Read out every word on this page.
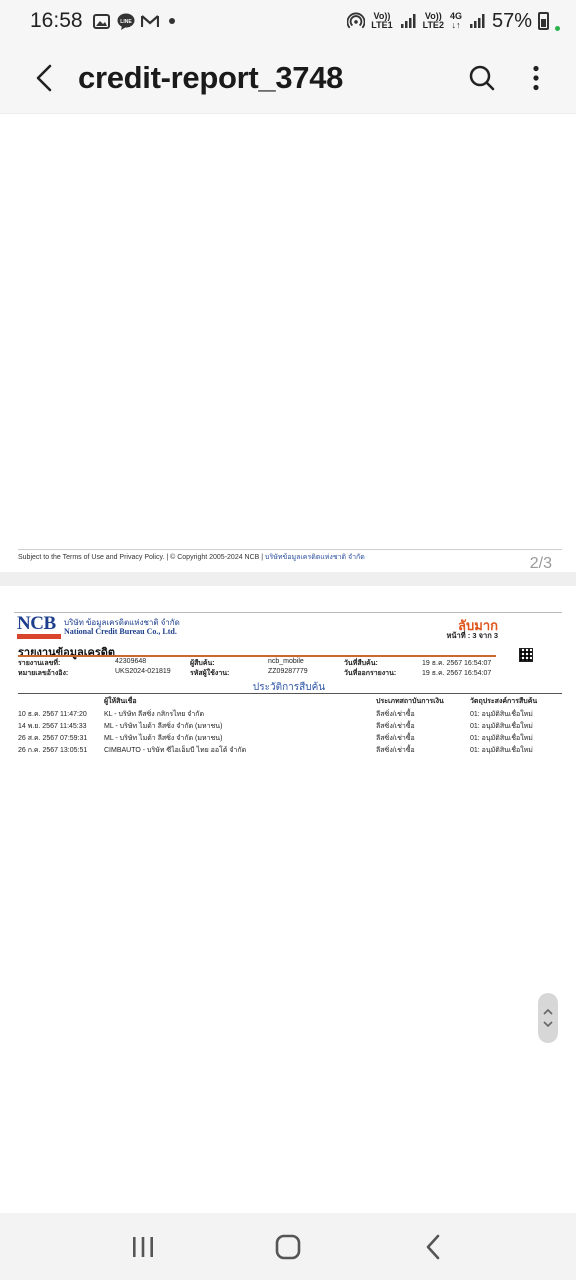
16:58	LINE
Vo))
LTE1
Vo))
LTE2
4G
↓↑ 57%
credit-report_3748
Subject to the Terms of Use and Privacy Policy. | © Copyright 2005-2024 NCB | บริษัทข้อมูลเครดิตแห่งชาติ จำกัด	2/3
NCB	บริษัท ข้อมูลเครดิตแห่งชาติ จำกัด
National Credit Bureau Co., Ltd.	ลับมาก
หน้าที่ : 3 จาก 3
รายงานข้อมูลเครดิต
รายงานเลขที่:	42309648	ผู้สืบค้น:	ncb_mobile	วันที่สืบค้น:	19 ธ.ค. 2567 16:54:07
หมายเลขอ้างอิง:	UKS2024-021819	รหัสผู้ใช้งาน:	ZZ09287779	วันที่ออกรายงาน:	19 ธ.ค. 2567 16:54:07
ประวัติการสืบค้น
ผู้ให้สินเชื่อ	ประเภทสถาบันการเงิน	วัตถุประสงค์การสืบค้น
10 ธ.ค. 2567 11:47:20 KL - บริษัท ลีสซิ่ง กสิกรไทย จำกัด	ลีสซิ่ง/เช่าซื้อ	01: อนุมัติสินเชื่อใหม่
14 พ.ย. 2567 11:45:33 ML - บริษัท ไมด้า ลีสซิ่ง จำกัด (มหาชน)	ลีสซิ่ง/เช่าซื้อ	01: อนุมัติสินเชื่อใหม่
26 ส.ค. 2567 07:59:31 ML - บริษัท ไมด้า ลีสซิ่ง จำกัด (มหาชน)	ลีสซิ่ง/เช่าซื้อ	01: อนุมัติสินเชื่อใหม่
26 ก.ค. 2567 13:05:51 CIMBAUTO - บริษัท ซีไอเอ็มบี ไทย ออโต้ จำกัด	ลีสซิ่ง/เช่าซื้อ	01: อนุมัติสินเชื่อใหม่
